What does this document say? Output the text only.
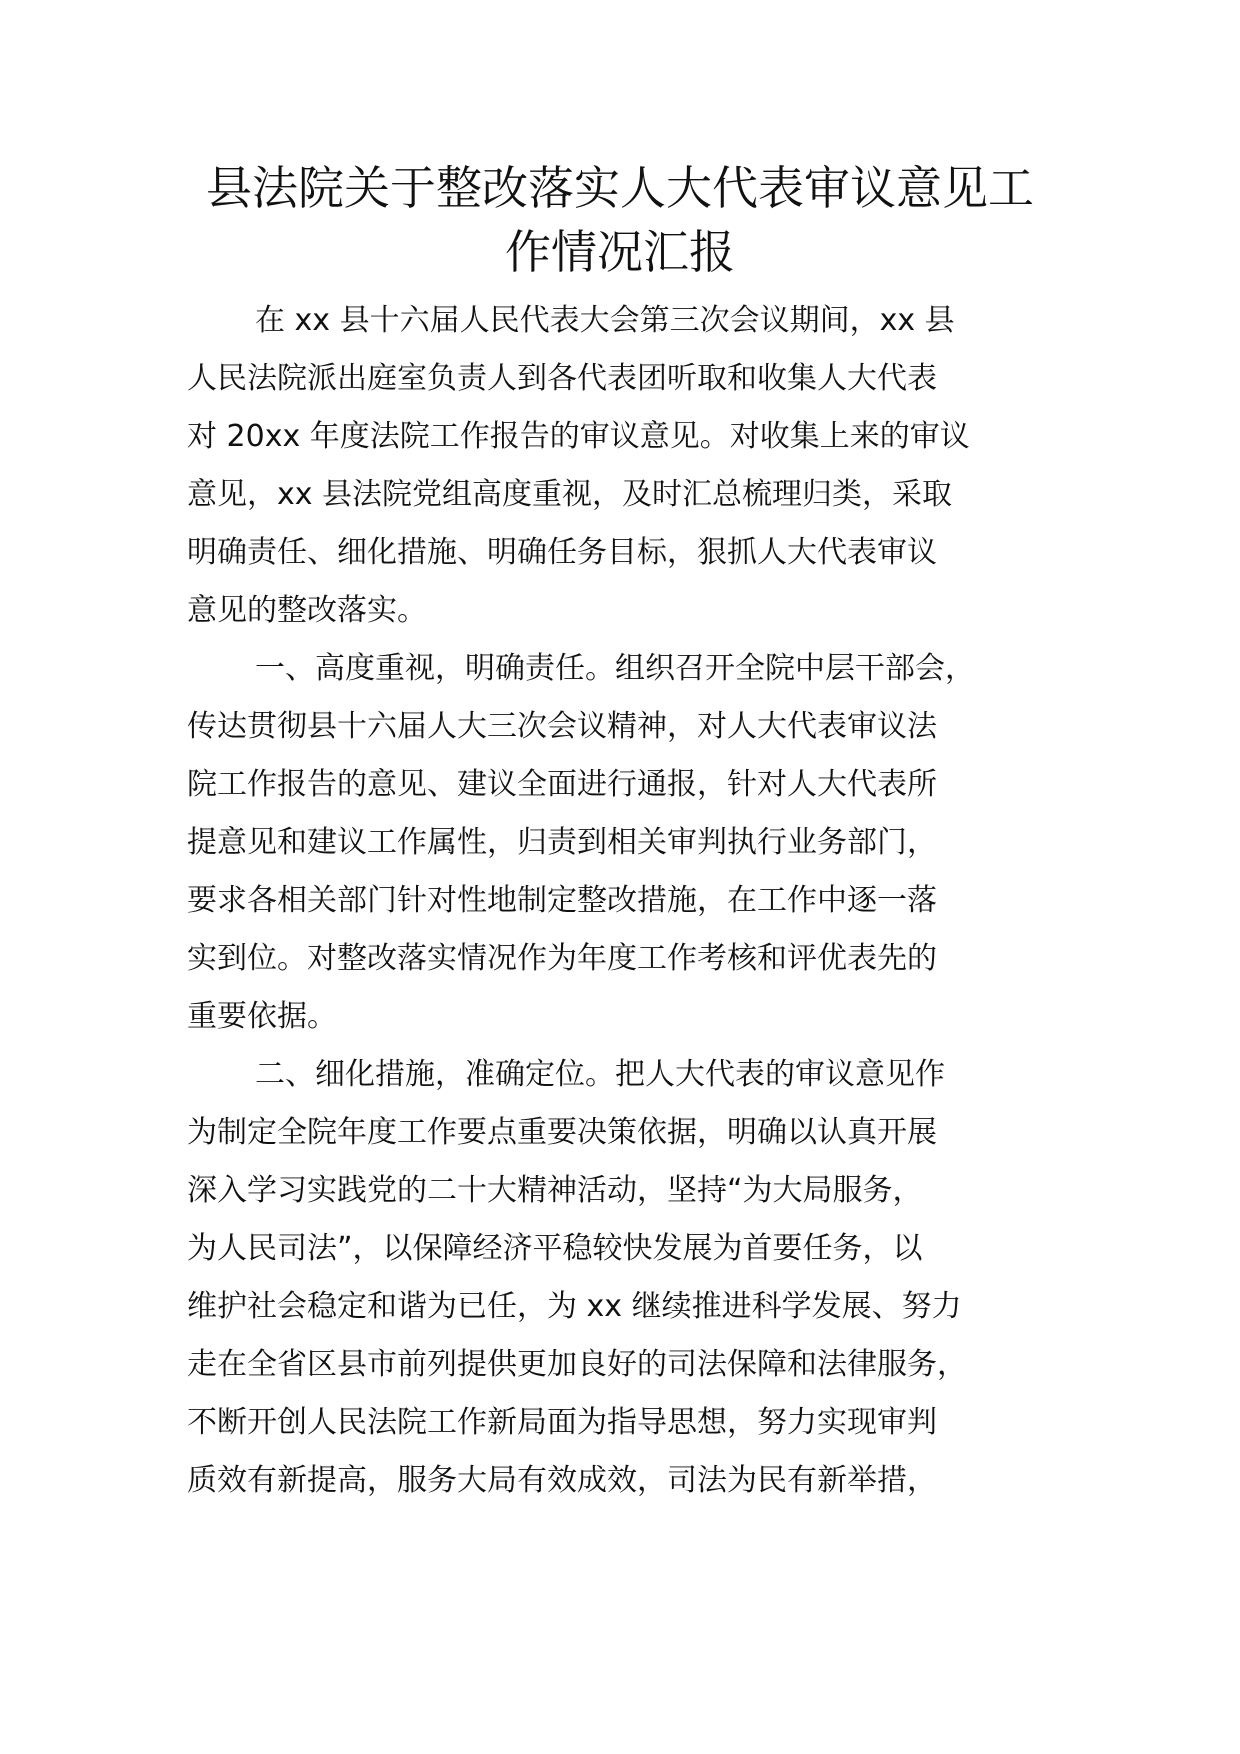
县法院关于整改落实人大代表审议意见工
作情况汇报
在 xx 县十六届人民代表大会第三次会议期间，xx 县
人民法院派出庭室负责人到各代表团听取和收集人大代表
对 20xx 年度法院工作报告的审议意见。对收集上来的审议
意见，xx 县法院党组高度重视，及时汇总梳理归类，采取
明确责任、细化措施、明确任务目标，狠抓人大代表审议
意见的整改落实。
一、高度重视，明确责任。组织召开全院中层干部会，
传达贯彻县十六届人大三次会议精神，对人大代表审议法
院工作报告的意见、建议全面进行通报，针对人大代表所
提意见和建议工作属性，归责到相关审判执行业务部门，
要求各相关部门针对性地制定整改措施，在工作中逐一落
实到位。对整改落实情况作为年度工作考核和评优表先的
重要依据。
二、细化措施，准确定位。把人大代表的审议意见作
为制定全院年度工作要点重要决策依据，明确以认真开展
深入学习实践党的二十大精神活动，坚持“为大局服务，
为人民司法”，以保障经济平稳较快发展为首要任务，以
维护社会稳定和谐为已任，为 xx 继续推进科学发展、努力
走在全省区县市前列提供更加良好的司法保障和法律服务，
不断开创人民法院工作新局面为指导思想，努力实现审判
质效有新提高，服务大局有效成效，司法为民有新举措，
